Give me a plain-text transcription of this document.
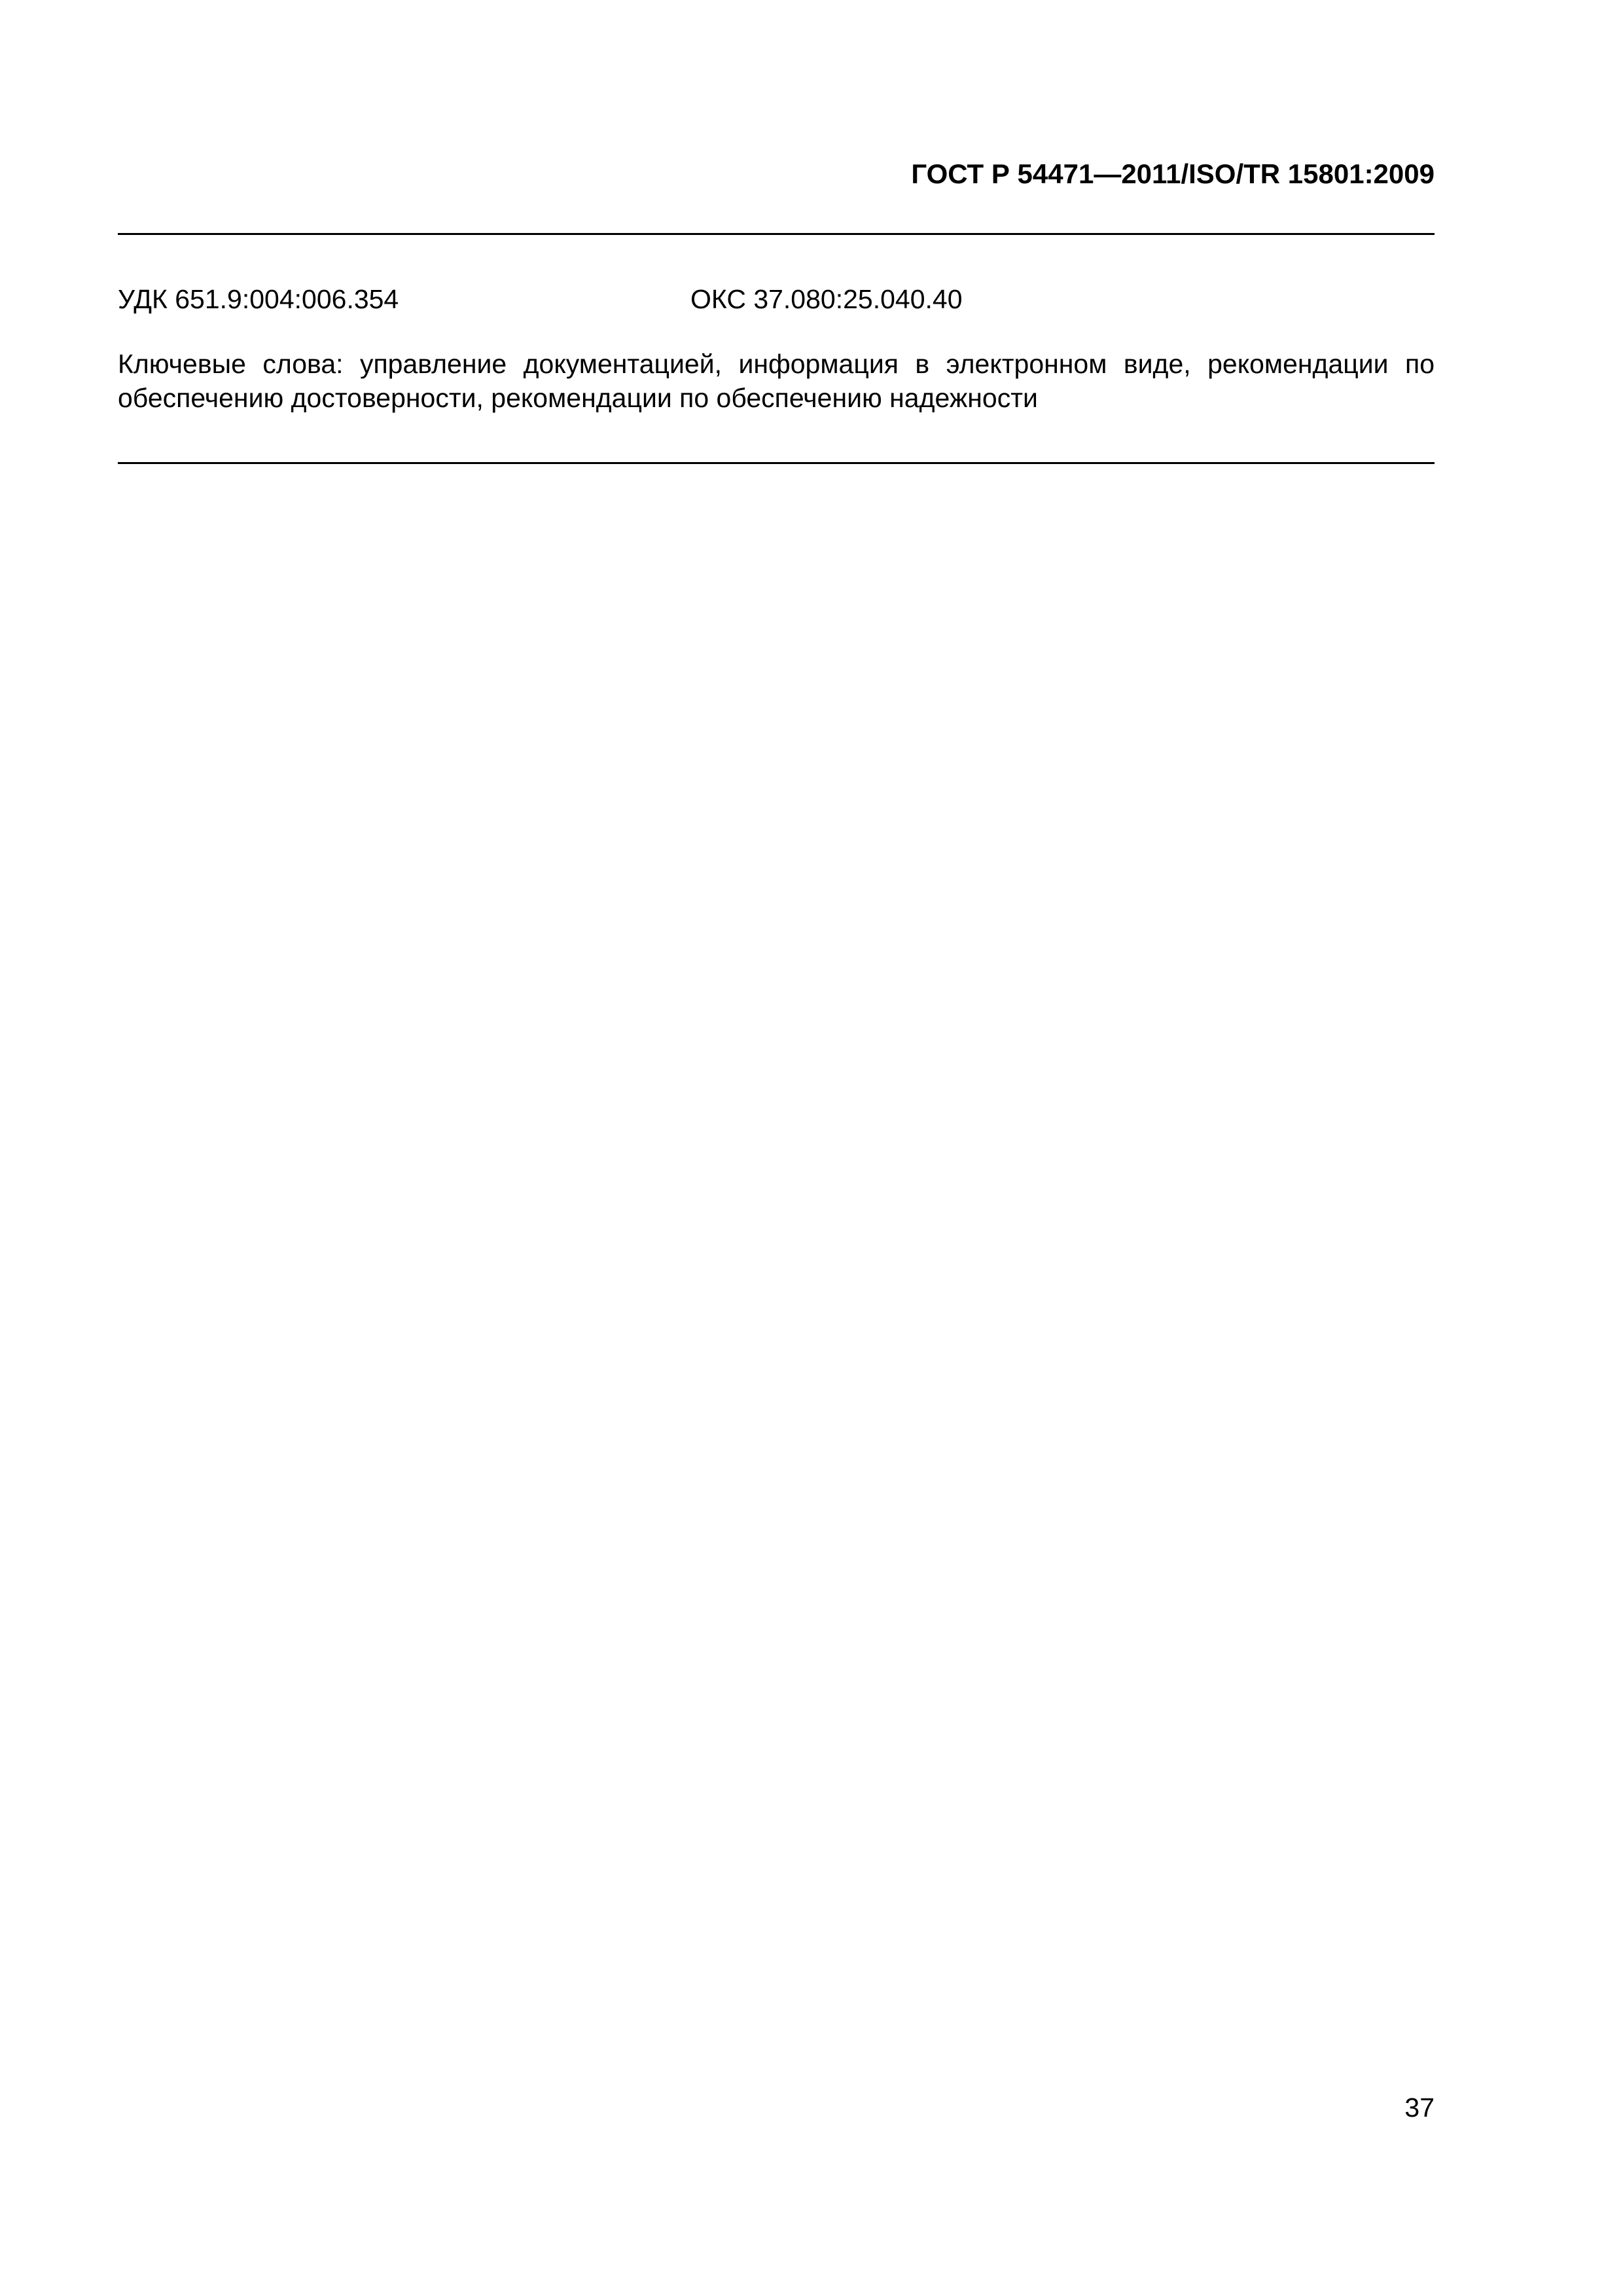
ГОСТ Р 54471—2011/ISO/TR 15801:2009
УДК 651.9:004:006.354	ОКС 37.080:25.040.40
Ключевые слова: управление документацией, информация в электронном виде, рекомендации по
обеспечению достоверности, рекомендации по обеспечению надежности
37
